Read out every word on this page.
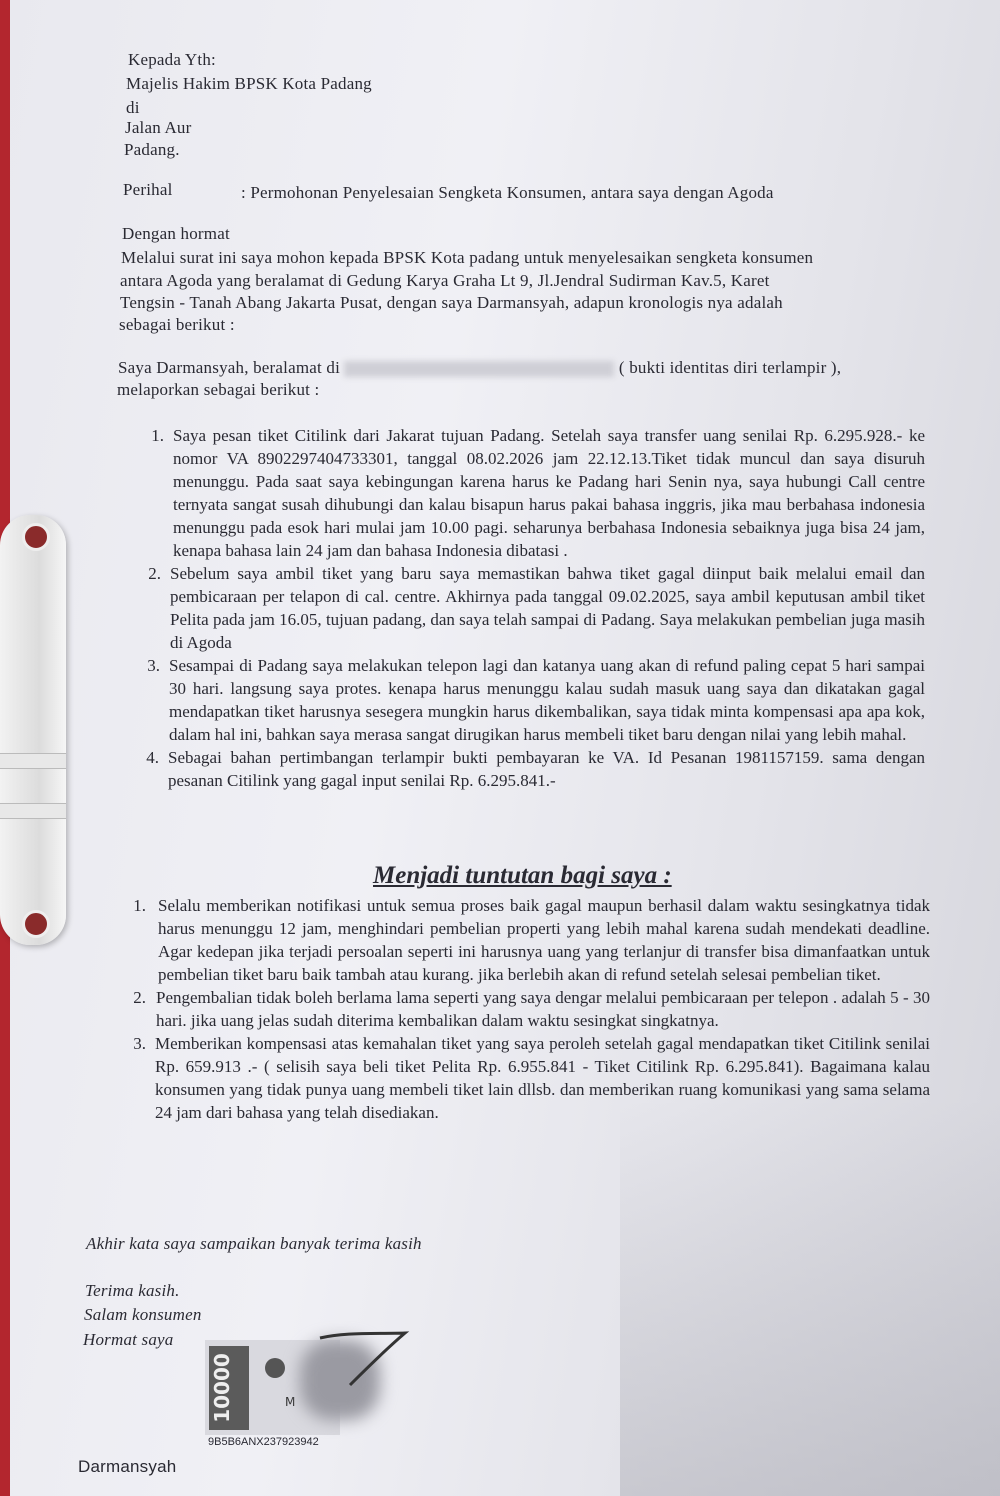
Kepada Yth:
Majelis Hakim BPSK Kota Padang
di
Jalan Aur
Padang.
Perihal	: Permohonan Penyelesaian Sengketa Konsumen, antara saya dengan Agoda
Dengan hormat
Melalui surat ini saya mohon kepada BPSK Kota padang untuk menyelesaikan sengketa konsumen
antara Agoda yang beralamat di Gedung Karya Graha Lt 9, Jl.Jendral Sudirman Kav.5, Karet
Tengsin - Tanah Abang Jakarta Pusat, dengan saya Darmansyah, adapun kronologis nya adalah
sebagai berikut :
Saya Darmansyah, beralamat di	( bukti identitas diri terlampir ),
melaporkan sebagai berikut :
1. Saya pesan tiket Citilink dari Jakarat tujuan Padang. Setelah saya transfer uang senilai Rp. 6.295.928.- ke nomor VA 8902297404733301, tanggal 08.02.2026 jam 22.12.13.Tiket tidak muncul dan saya disuruh menunggu. Pada saat saya kebingungan karena harus ke Padang hari Senin nya, saya hubungi Call centre ternyata sangat susah dihubungi dan kalau bisapun harus pakai bahasa inggris, jika mau berbahasa indonesia menunggu pada esok hari mulai jam 10.00 pagi. seharunya berbahasa Indonesia sebaiknya juga bisa 24 jam, kenapa bahasa lain 24 jam dan bahasa Indonesia dibatasi .

2. Sebelum saya ambil tiket yang baru saya memastikan bahwa tiket gagal diinput baik melalui email dan pembicaraan per telapon di cal. centre. Akhirnya pada tanggal 09.02.2025, saya ambil keputusan ambil tiket Pelita pada jam 16.05, tujuan padang, dan saya telah sampai di Padang. Saya melakukan pembelian juga masih di Agoda

3. Sesampai di Padang saya melakukan telepon lagi dan katanya uang akan di refund paling cepat 5 hari sampai 30 hari. langsung saya protes. kenapa harus menunggu kalau sudah masuk uang saya dan dikatakan gagal mendapatkan tiket harusnya sesegera mungkin harus dikembalikan, saya tidak minta kompensasi apa apa kok, dalam hal ini, bahkan saya merasa sangat dirugikan harus membeli tiket baru dengan nilai yang lebih mahal.

4. Sebagai bahan pertimbangan terlampir bukti pembayaran ke VA. Id Pesanan 1981157159. sama dengan pesanan Citilink yang gagal input senilai Rp. 6.295.841.-

Menjadi tuntutan bagi saya :
1. Selalu memberikan notifikasi untuk semua proses baik gagal maupun berhasil dalam waktu sesingkatnya tidak harus menunggu 12 jam, menghindari pembelian properti yang lebih mahal karena sudah mendekati deadline. Agar kedepan jika terjadi persoalan seperti ini harusnya uang yang terlanjur di transfer bisa dimanfaatkan untuk pembelian tiket baru baik tambah atau kurang. jika berlebih akan di refund setelah selesai pembelian tiket.

2. Pengembalian tidak boleh berlama lama seperti yang saya dengar melalui pembicaraan per telepon . adalah 5 - 30 hari. jika uang jelas sudah diterima kembalikan dalam waktu sesingkat singkatnya.

3. Memberikan kompensasi atas kemahalan tiket yang saya peroleh setelah gagal mendapatkan tiket Citilink senilai Rp. 659.913 .- ( selisih saya beli tiket Pelita Rp. 6.955.841 - Tiket Citilink Rp. 6.295.841). Bagaimana kalau konsumen yang tidak punya uang membeli tiket lain dllsb. dan memberikan ruang komunikasi yang sama selama 24 jam dari bahasa yang telah disediakan.

Akhir kata saya sampaikan banyak terima kasih
Terima kasih.
Salam konsumen
Hormat saya
10000	M
9B5B6ANX237923942
Darmansyah
